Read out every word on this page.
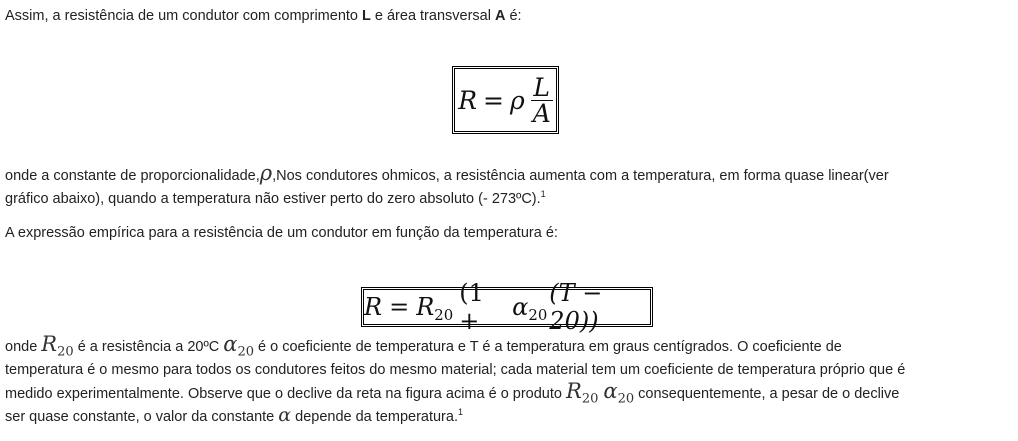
Assim, a resistência de um condutor com comprimento L e área transversal A é:
R = ρ $\frac{L}{A}$
onde a constante de proporcionalidade,ρ,Nos condutores ohmicos, a resistência aumenta com a temperatura, em forma quase linear(ver
gráfico abaixo), quando a temperatura não estiver perto do zero absoluto (- 273ºC).$^1$
A expressão empírica para a resistência de um condutor em função da temperatura é:
$R = R_{20}$
(1 +	$\alpha_{20}$
(T − 20))
onde $R_{20}$ é a resistência a 20ºC $\alpha_{20}$ é o coeficiente de temperatura e T é a temperatura em graus centígrados. O coeficiente de
temperatura é o mesmo para todos os condutores feitos do mesmo material; cada material tem um coeficiente de temperatura próprio que é
medido experimentalmente. Observe que o declive da reta na figura acima é o produto $R_{20}$ $\alpha_{20}$ consequentemente, a pesar de o declive
ser quase constante, o valor da constante α depende da temperatura.$^1$
